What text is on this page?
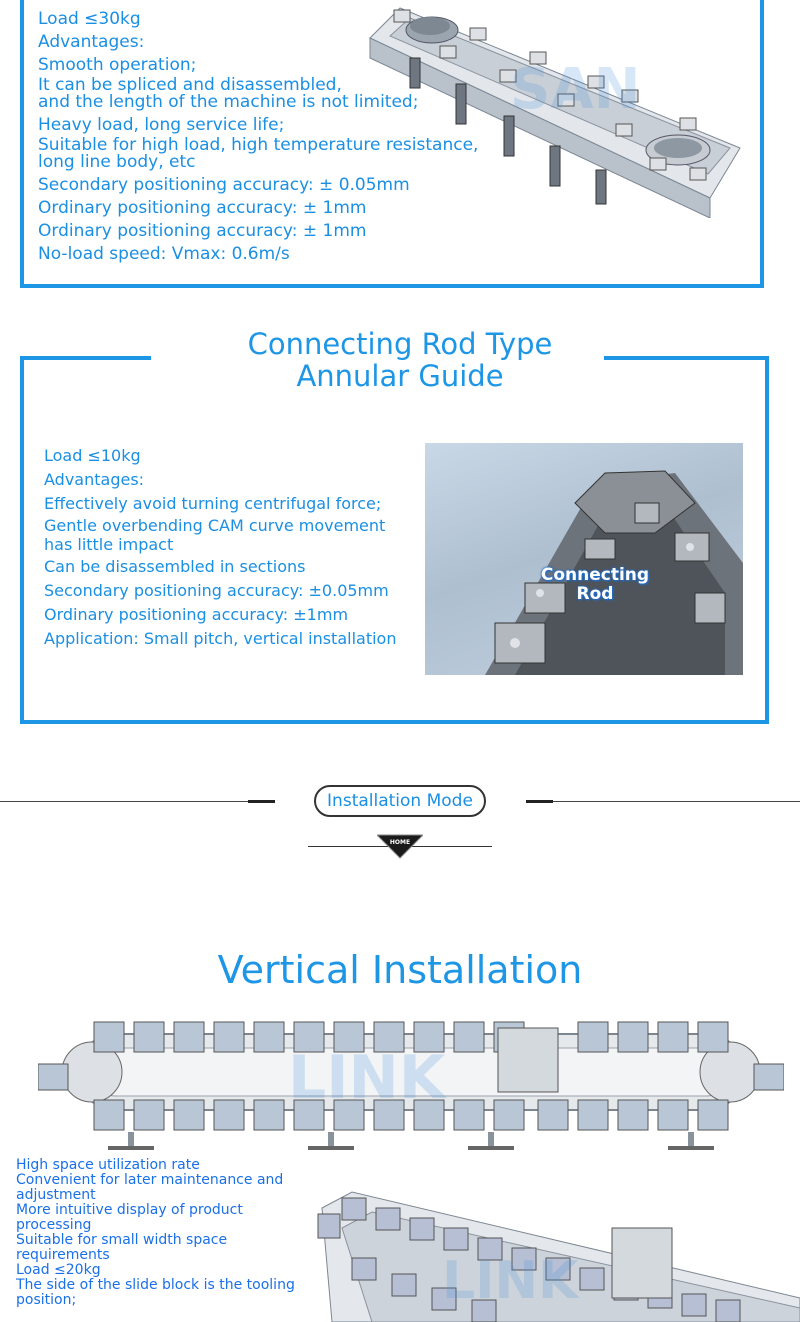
SAN
Load ≤30kg
Advantages:
Smooth operation;
It can be spliced and disassembled,
and the length of the machine is not limited;
Heavy load, long service life;
Suitable for high load, high temperature resistance,
long line body, etc
Secondary positioning accuracy: ± 0.05mm
Ordinary positioning accuracy: ± 1mm
Ordinary positioning accuracy: ± 1mm
No-load speed: Vmax: 0.6m/s
Connecting Rod Type
Annular Guide
Load ≤10kg
Advantages:
Effectively avoid turning centrifugal force;
Gentle overbending CAM curve movement
has little impact
Can be disassembled in sections
Secondary positioning accuracy: ±0.05mm
Ordinary positioning accuracy: ±1mm
Application: Small pitch, vertical installation
Connecting
Rod
Installation Mode
HOME
Vertical Installation
LINK
High space utilization rate
Convenient for later maintenance and adjustment
More intuitive display of product processing
Suitable for small width space requirements
Load ≤20kg
The side of the slide block is the tooling position;	LINK
